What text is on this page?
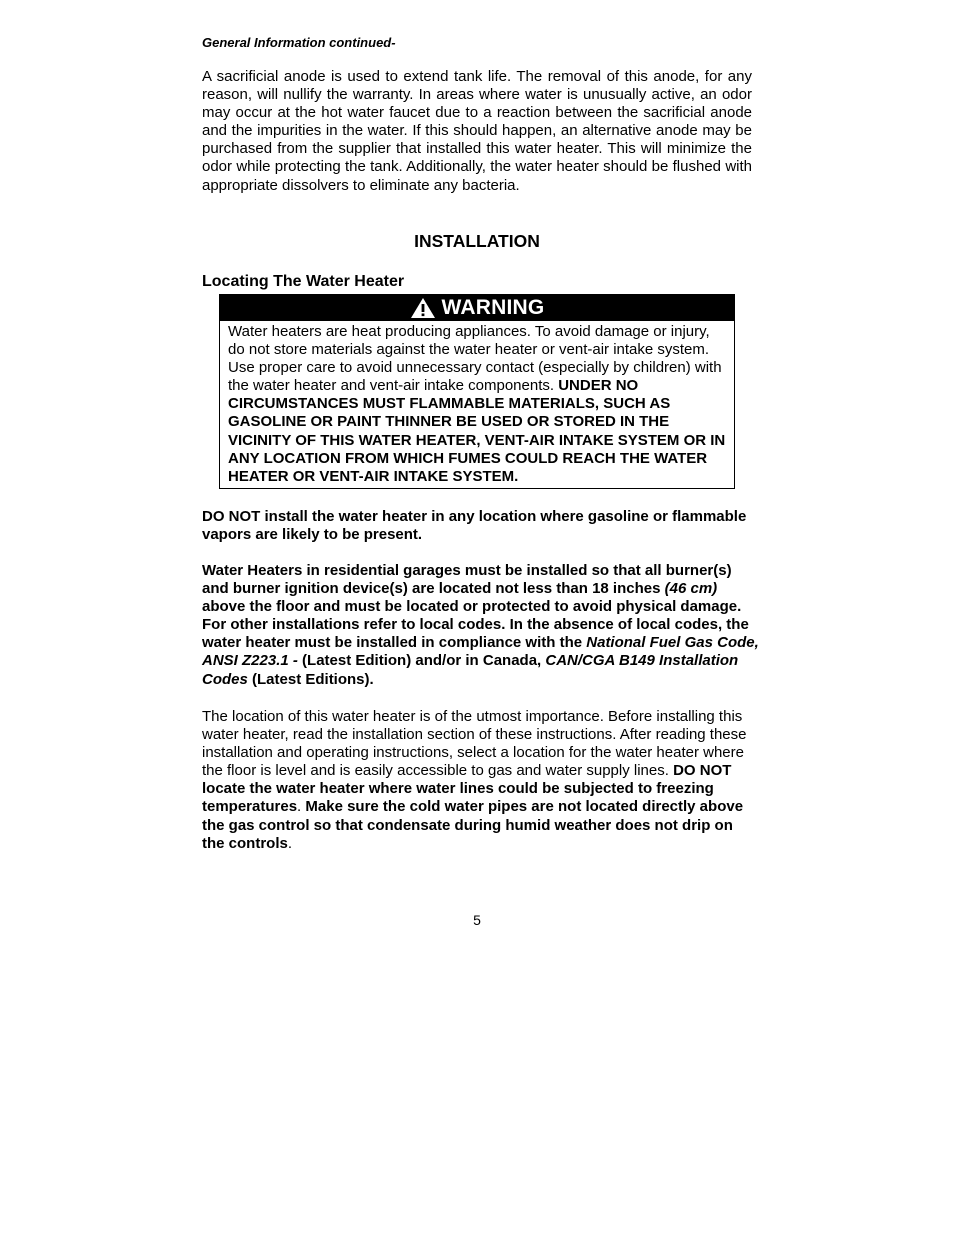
General Information continued-

A sacrificial anode is used to extend tank life. The removal of this anode, for any reason, will nullify the warranty. In areas where water is unusually active, an odor may occur at the hot water faucet due to a reaction between the sacrificial anode and the impurities in the water. If this should happen, an alternative anode may be purchased from the supplier that installed this water heater. This will minimize the odor while protecting the tank. Additionally, the water heater should be flushed with appropriate dissolvers to eliminate any bacteria.

INSTALLATION
Locating The Water Heater
WARNING
Water heaters are heat producing appliances. To avoid damage or injury, do not store materials against the water heater or vent-air intake system. Use proper care to avoid unnecessary contact (especially by children) with the water heater and vent-air intake components. UNDER NO CIRCUMSTANCES MUST FLAMMABLE MATERIALS, SUCH AS GASOLINE OR PAINT THINNER BE USED OR STORED IN THE VICINITY OF THIS WATER HEATER, VENT-AIR INTAKE SYSTEM OR IN ANY LOCATION FROM WHICH FUMES COULD REACH THE WATER HEATER OR VENT-AIR INTAKE SYSTEM.

DO NOT install the water heater in any location where gasoline or flammable vapors are likely to be present.

Water Heaters in residential garages must be installed so that all burner(s) and burner ignition device(s) are located not less than 18 inches (46 cm) above the floor and must be located or protected to avoid physical damage. For other installations refer to local codes. In the absence of local codes, the water heater must be installed in compliance with the National Fuel Gas Code, ANSI Z223.1 - (Latest Edition) and/or in Canada, CAN/CGA B149 Installation Codes (Latest Editions).

The location of this water heater is of the utmost importance. Before installing this water heater, read the installation section of these instructions. After reading these installation and operating instructions, select a location for the water heater where the floor is level and is easily accessible to gas and water supply lines. DO NOT locate the water heater where water lines could be subjected to freezing temperatures. Make sure the cold water pipes are not located directly above the gas control so that condensate during humid weather does not drip on the controls.

5
